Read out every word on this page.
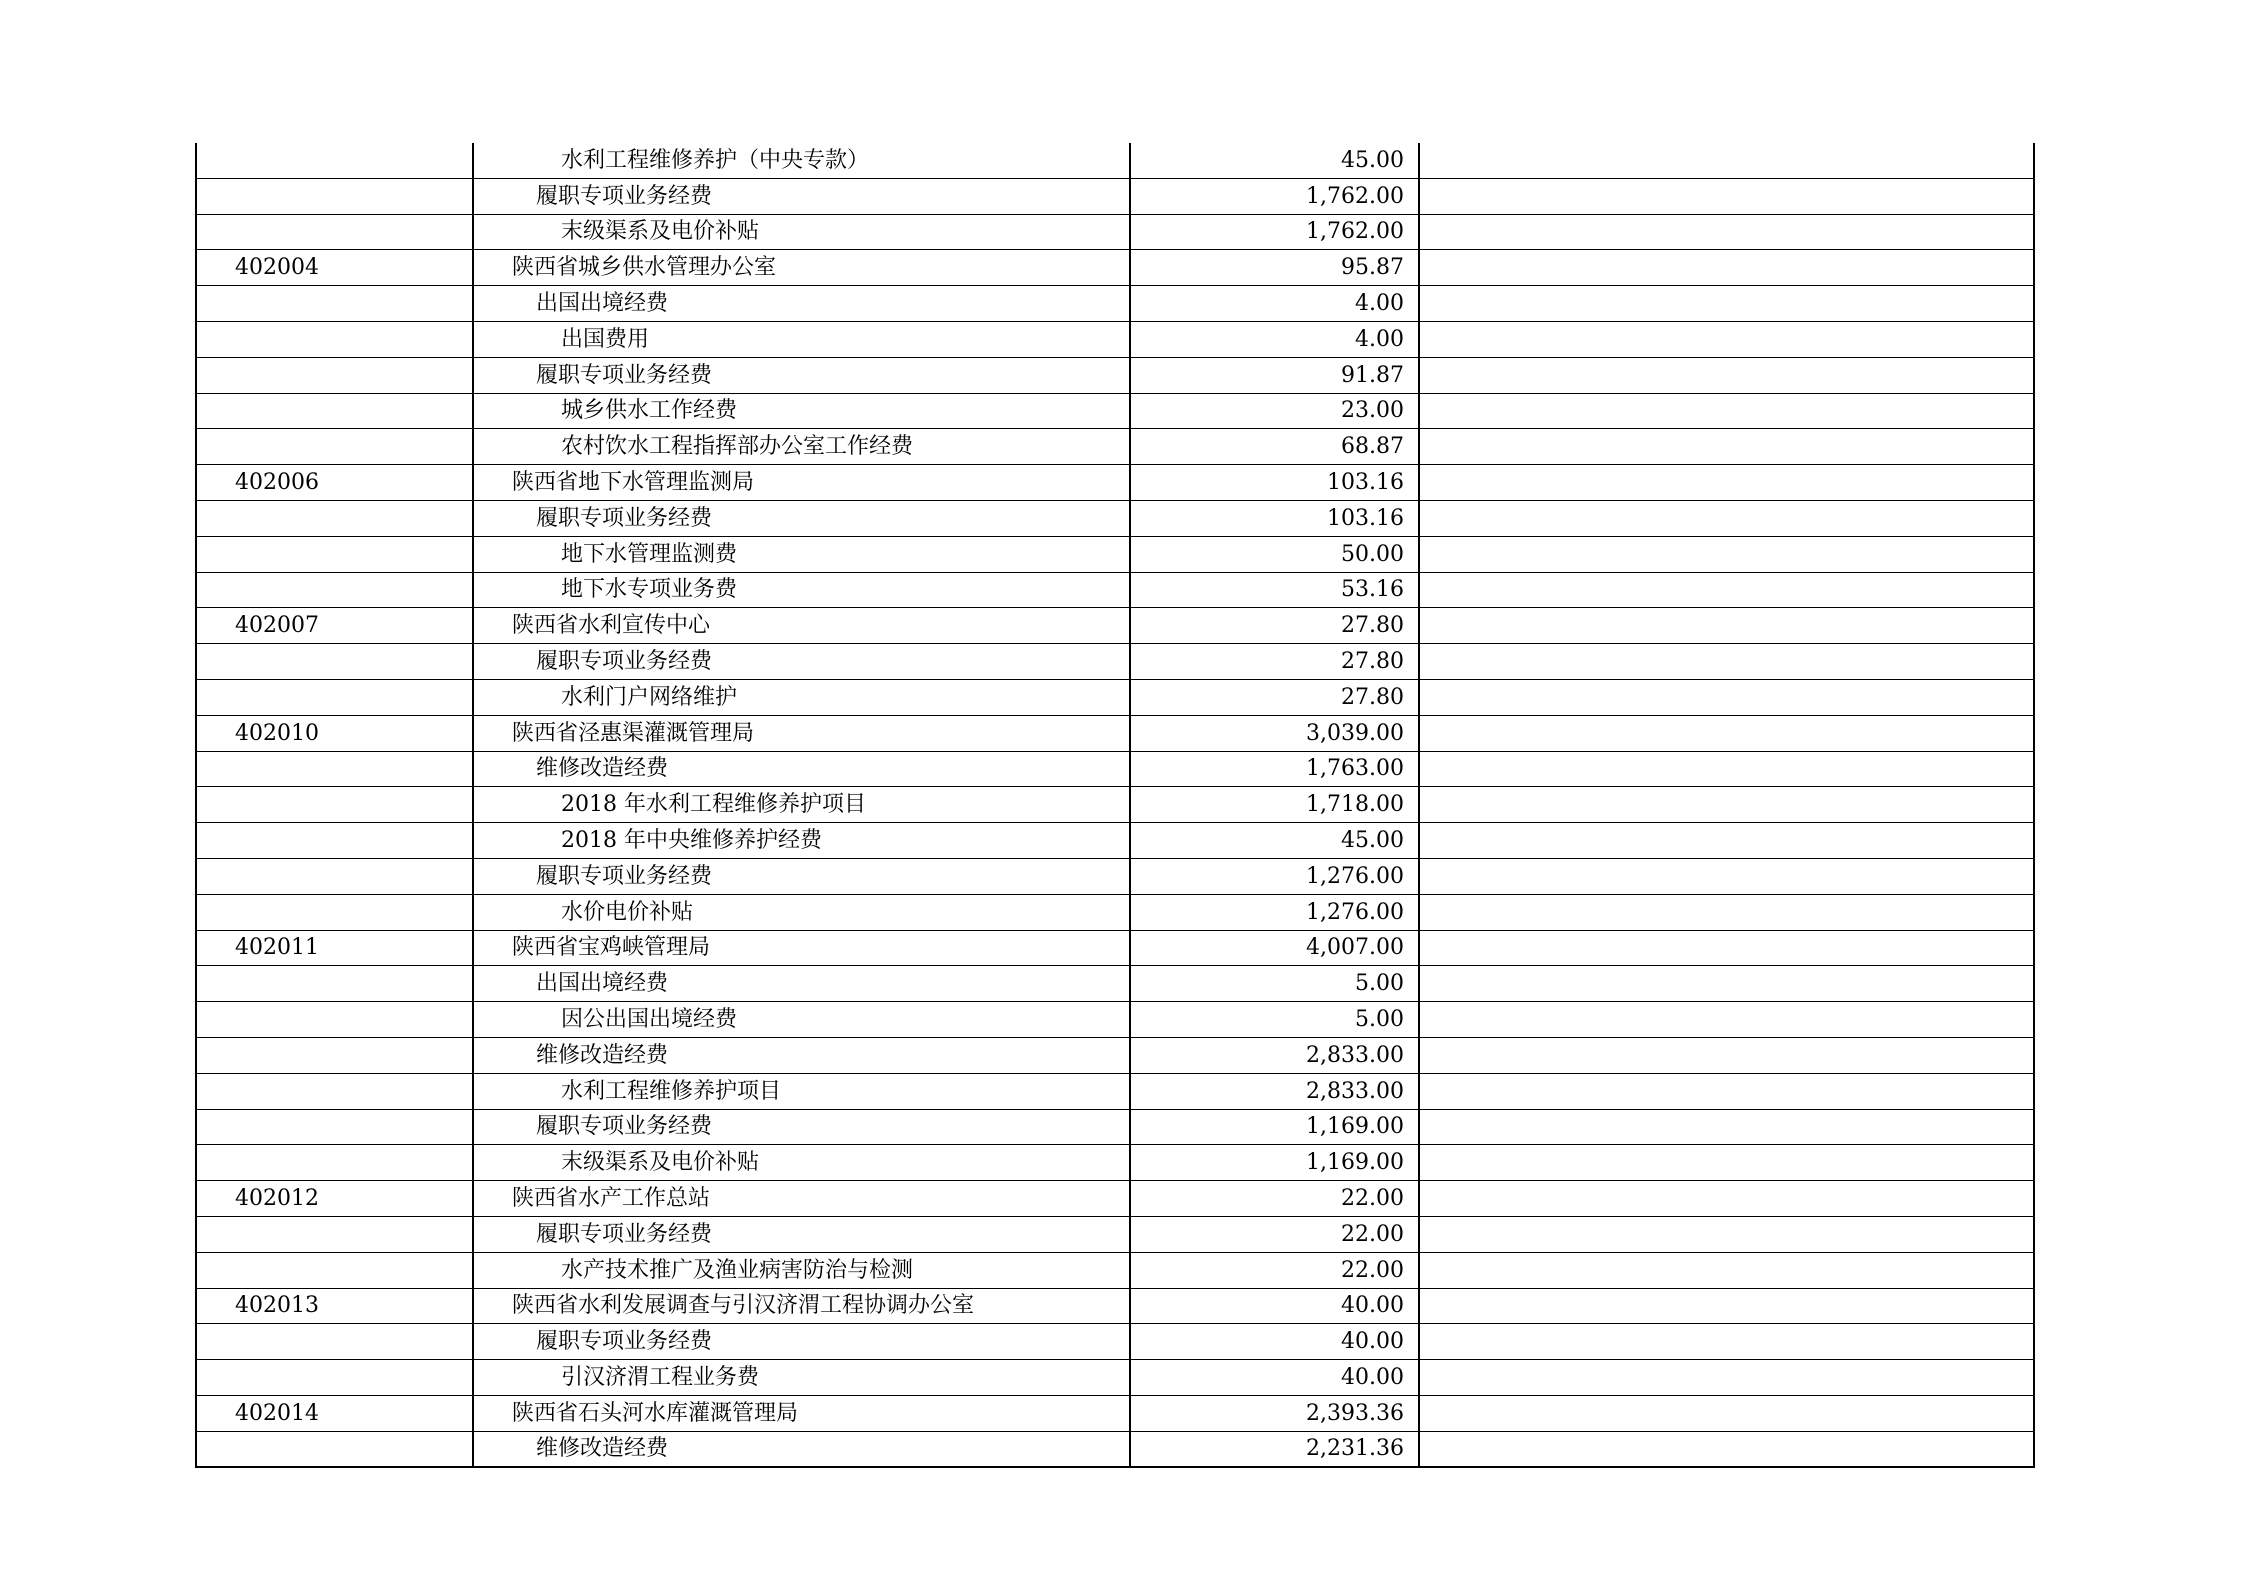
	水利工程维修养护（中央专款）	45.00	
	履职专项业务经费	1,762.00	
	末级渠系及电价补贴	1,762.00	
402004	陕西省城乡供水管理办公室	95.87	
	出国出境经费	4.00	
	出国费用	4.00	
	履职专项业务经费	91.87	
	城乡供水工作经费	23.00	
	农村饮水工程指挥部办公室工作经费	68.87	
402006	陕西省地下水管理监测局	103.16	
	履职专项业务经费	103.16	
	地下水管理监测费	50.00	
	地下水专项业务费	53.16	
402007	陕西省水利宣传中心	27.80	
	履职专项业务经费	27.80	
	水利门户网络维护	27.80	
402010	陕西省泾惠渠灌溉管理局	3,039.00	
	维修改造经费	1,763.00	
	2018 年水利工程维修养护项目	1,718.00	
	2018 年中央维修养护经费	45.00	
	履职专项业务经费	1,276.00	
	水价电价补贴	1,276.00	
402011	陕西省宝鸡峡管理局	4,007.00	
	出国出境经费	5.00	
	因公出国出境经费	5.00	
	维修改造经费	2,833.00	
	水利工程维修养护项目	2,833.00	
	履职专项业务经费	1,169.00	
	末级渠系及电价补贴	1,169.00	
402012	陕西省水产工作总站	22.00	
	履职专项业务经费	22.00	
	水产技术推广及渔业病害防治与检测	22.00	
402013	陕西省水利发展调查与引汉济渭工程协调办公室	40.00	
	履职专项业务经费	40.00	
	引汉济渭工程业务费	40.00	
402014	陕西省石头河水库灌溉管理局	2,393.36	
	维修改造经费	2,231.36	
